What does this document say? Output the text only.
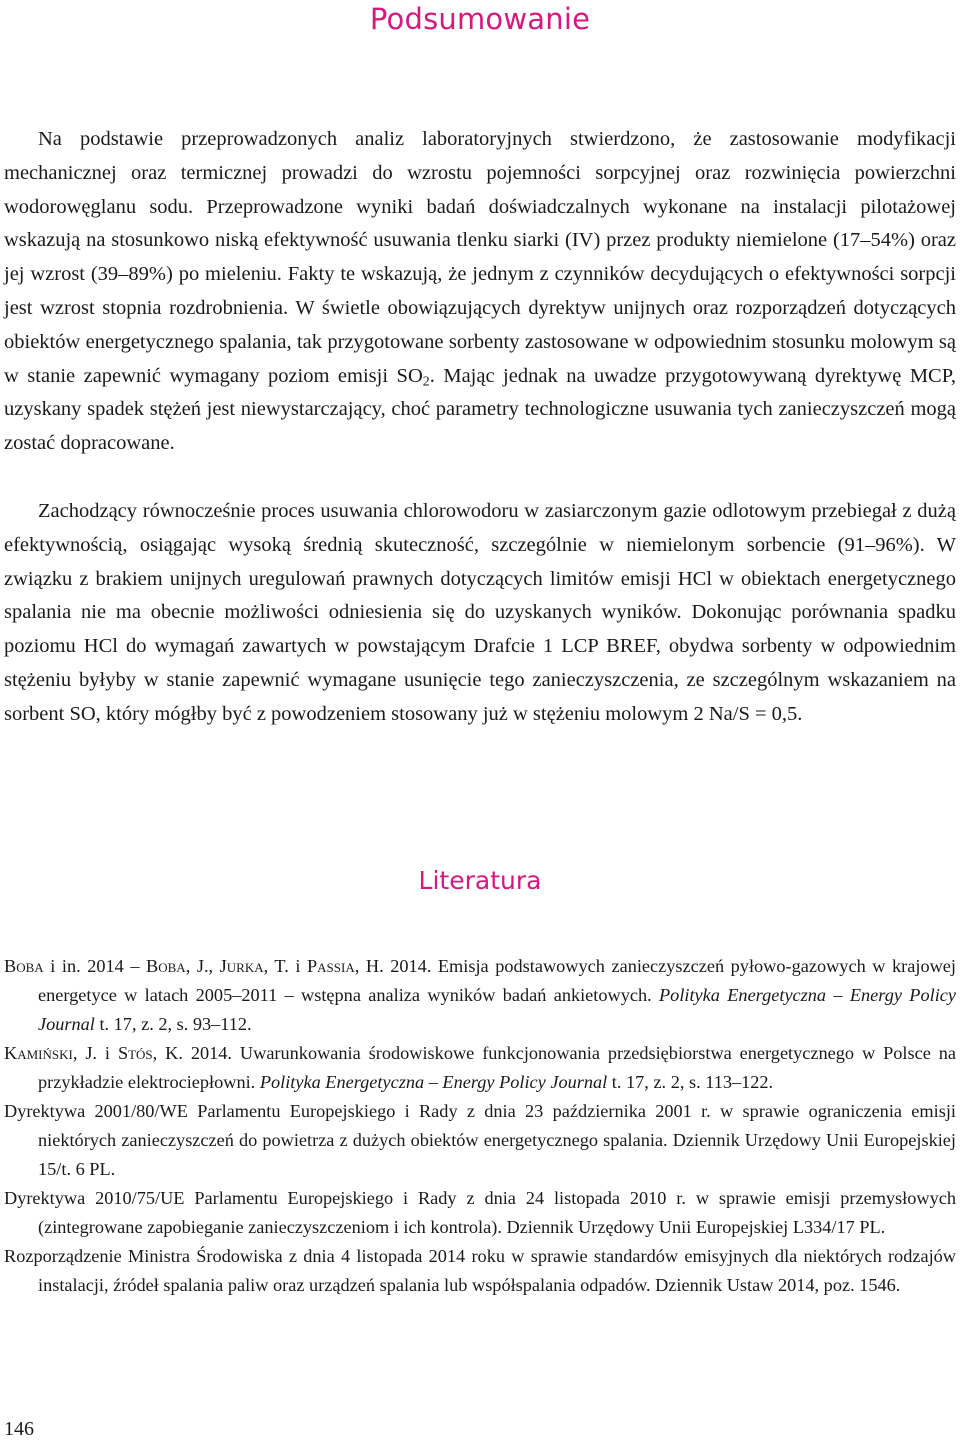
Podsumowanie

Na podstawie przeprowadzonych analiz laboratoryjnych stwierdzono, że zastosowanie modyfikacji mechanicznej oraz termicznej prowadzi do wzrostu pojemności sorpcyjnej oraz rozwinięcia powierzchni wodorowęglanu sodu. Przeprowadzone wyniki badań doświadczalnych wykonane na instalacji pilotażowej wskazują na stosunkowo niską efektywność usuwania tlenku siarki (IV) przez produkty niemielone (17–54%) oraz jej wzrost (39–89%) po mieleniu. Fakty te wskazują, że jednym z czynników decydujących o efektywności sorpcji jest wzrost stopnia rozdrobnienia. W świetle obowiązujących dyrektyw unijnych oraz rozporządzeń dotyczących obiektów energetycznego spalania, tak przygotowane sorbenty zastosowane w odpowiednim stosunku molowym są w stanie zapewnić wymagany poziom emisji $SO_2$. Mając jednak na uwadze przygotowywaną dyrektywę MCP, uzyskany spadek stężeń jest niewystarczający, choć parametry technologiczne usuwania tych zanieczyszczeń mogą zostać dopracowane.

Zachodzący równocześnie proces usuwania chlorowodoru w zasiarczonym gazie odlotowym przebiegał z dużą efektywnością, osiągając wysoką średnią skuteczność, szczególnie w niemielonym sorbencie (91–96%). W związku z brakiem unijnych uregulowań prawnych dotyczących limitów emisji HCl w obiektach energetycznego spalania nie ma obecnie możliwości odniesienia się do uzyskanych wyników. Dokonując porównania spadku poziomu HCl do wymagań zawartych w powstającym Drafcie 1 LCP BREF, obydwa sorbenty w odpowiednim stężeniu byłyby w stanie zapewnić wymagane usunięcie tego zanieczyszczenia, ze szczególnym wskazaniem na sorbent SO, który mógłby być z powodzeniem stosowany już w stężeniu molowym 2 Na/S = 0,5.

Literatura
Boba i in. 2014 – Boba, J., Jurka, T. i Passia, H. 2014. Emisja podstawowych zanieczyszczeń pyłowo-gazowych w krajowej energetyce w latach 2005–2011 – wstępna analiza wyników badań ankietowych. Polityka Energetyczna – Energy Policy Journal t. 17, z. 2, s. 93–112.
Kamiński, J. i Stós, K. 2014. Uwarunkowania środowiskowe funkcjonowania przedsiębiorstwa energetycznego w Polsce na przykładzie elektrociepłowni. Polityka Energetyczna – Energy Policy Journal t. 17, z. 2, s. 113–122.
Dyrektywa 2001/80/WE Parlamentu Europejskiego i Rady z dnia 23 października 2001 r. w sprawie ograniczenia emisji niektórych zanieczyszczeń do powietrza z dużych obiektów energetycznego spalania. Dziennik Urzędowy Unii Europejskiej 15/t. 6 PL.
Dyrektywa 2010/75/UE Parlamentu Europejskiego i Rady z dnia 24 listopada 2010 r. w sprawie emisji przemysłowych (zintegrowane zapobieganie zanieczyszczeniom i ich kontrola). Dziennik Urzędowy Unii Europejskiej L334/17 PL.
Rozporządzenie Ministra Środowiska z dnia 4 listopada 2014 roku w sprawie standardów emisyjnych dla niektórych rodzajów instalacji, źródeł spalania paliw oraz urządzeń spalania lub współspalania odpadów. Dziennik Ustaw 2014, poz. 1546.

146
